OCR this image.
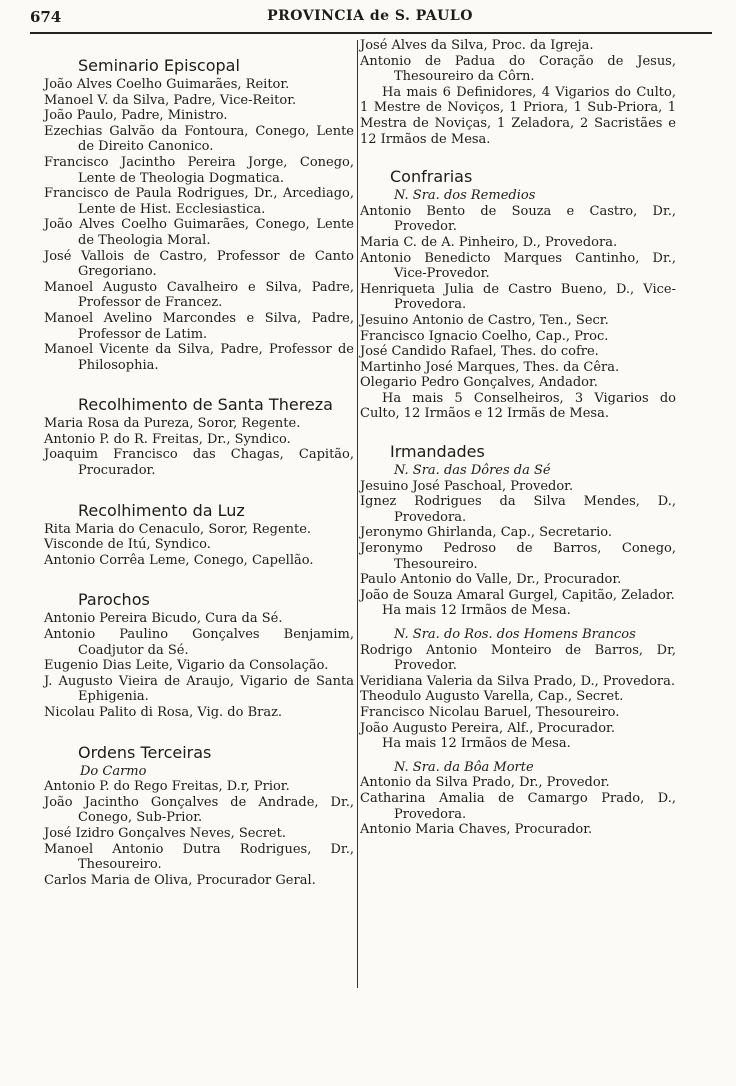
674	PROVINCIA de S. PAULO
Seminario Episcopal

João Alves Coelho Guimarães, Reitor.

Manoel V. da Silva, Padre, Vice-Reitor.

João Paulo, Padre, Ministro.

Ezechias Galvão da Fontoura, Conego, Lente de Direito Canonico.

Francisco Jacintho Pereira Jorge, Conego, Lente de Theologia Dogmatica.

Francisco de Paula Rodrigues, Dr., Arcediago, Lente de Hist. Ecclesiastica.

João Alves Coelho Guimarães, Conego, Lente de Theologia Moral.

José Vallois de Castro, Professor de Canto Gregoriano.

Manoel Augusto Cavalheiro e Silva, Padre, Professor de Francez.

Manoel Avelino Marcondes e Silva, Padre, Professor de Latim.

Manoel Vicente da Silva, Padre, Professor de Philosophia.

Recolhimento de Santa Thereza

Maria Rosa da Pureza, Soror, Regente.

Antonio P. do R. Freitas, Dr., Syndico.

Joaquim Francisco das Chagas, Capitão, Procurador.

Recolhimento da Luz

Rita Maria do Cenaculo, Soror, Regente.

Visconde de Itú, Syndico.

Antonio Corrêa Leme, Conego, Capellão.

Parochos

Antonio Pereira Bicudo, Cura da Sé.

Antonio Paulino Gonçalves Benjamim, Coadjutor da Sé.

Eugenio Dias Leite, Vigario da Consolação.

J. Augusto Vieira de Araujo, Vigario de Santa Ephigenia.

Nicolau Palito di Rosa, Vig. do Braz.

Ordens Terceiras
Do Carmo

Antonio P. do Rego Freitas, D.r, Prior.

João Jacintho Gonçalves de Andrade, Dr., Conego, Sub-Prior.

José Izidro Gonçalves Neves, Secret.

Manoel Antonio Dutra Rodrigues, Dr., Thesoureiro.

Carlos Maria de Oliva, Procurador Geral.

José Alves da Silva, Proc. da Igreja.

Antonio de Padua do Coração de Jesus, Thesoureiro da Côrn.

Ha mais 6 Definidores, 4 Vigarios do Culto, 1 Mestre de Noviços, 1 Priora, 1 Sub-Priora, 1 Mestra de Noviças, 1 Zeladora, 2 Sacristães e 12 Irmãos de Mesa.

Confrarias
N. Sra. dos Remedios

Antonio Bento de Souza e Castro, Dr., Provedor.

Maria C. de A. Pinheiro, D., Provedora.

Antonio Benedicto Marques Cantinho, Dr., Vice-Provedor.

Henriqueta Julia de Castro Bueno, D., Vice-Provedora.

Jesuino Antonio de Castro, Ten., Secr.

Francisco Ignacio Coelho, Cap., Proc.

José Candido Rafael, Thes. do cofre.

Martinho José Marques, Thes. da Cêra.

Olegario Pedro Gonçalves, Andador.

Ha mais 5 Conselheiros, 3 Vigarios do Culto, 12 Irmãos e 12 Irmãs de Mesa.

Irmandades
N. Sra. das Dôres da Sé

Jesuino José Paschoal, Provedor.

Ignez Rodrigues da Silva Mendes, D., Provedora.

Jeronymo Ghirlanda, Cap., Secretario.

Jeronymo Pedroso de Barros, Conego, Thesoureiro.

Paulo Antonio do Valle, Dr., Procurador.

João de Souza Amaral Gurgel, Capitão, Zelador.

Ha mais 12 Irmãos de Mesa.

N. Sra. do Ros. dos Homens Brancos

Rodrigo Antonio Monteiro de Barros, Dr, Provedor.

Veridiana Valeria da Silva Prado, D., Provedora.

Theodulo Augusto Varella, Cap., Secret.

Francisco Nicolau Baruel, Thesoureiro.

João Augusto Pereira, Alf., Procurador.

Ha mais 12 Irmãos de Mesa.

N. Sra. da Bôa Morte

Antonio da Silva Prado, Dr., Provedor.

Catharina Amalia de Camargo Prado, D., Provedora.

Antonio Maria Chaves, Procurador.
